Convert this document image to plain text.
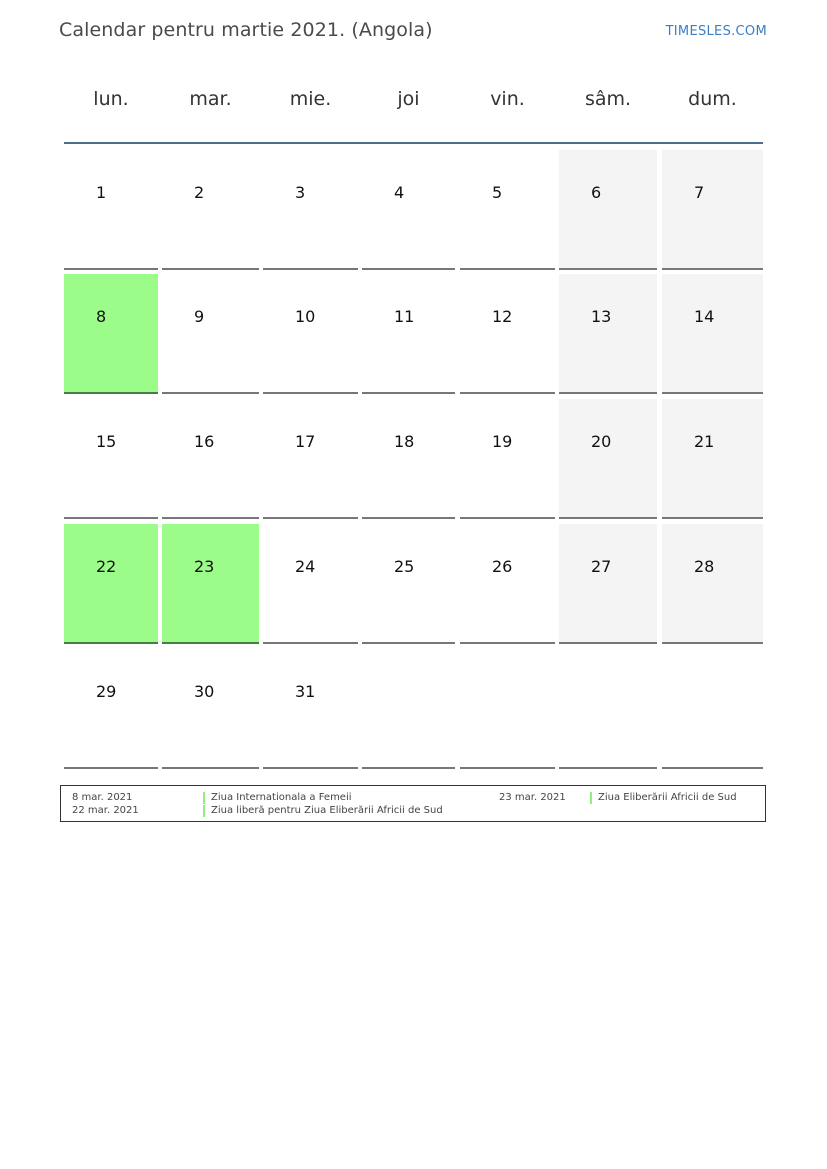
Calendar pentru martie 2021. (Angola)	TIMESLES.COM
lun.	mar.	mie.	joi	vin.	sâm.	dum.
1	2	3	4	5	6	7
8	9	10	11	12	13	14
15	16	17	18	19	20	21
22	23	24	25	26	27	28
29	30	31
8 mar. 2021	Ziua Internationala a Femeii
22 mar. 2021	Ziua liberă pentru Ziua Eliberării Africii de Sud
23 mar. 2021	Ziua Eliberării Africii de Sud
